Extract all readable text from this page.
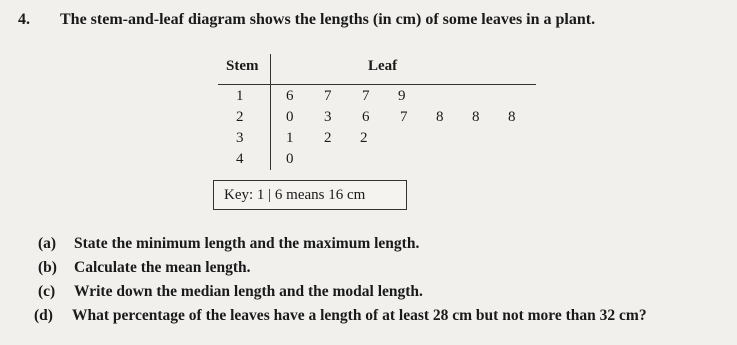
4. The stem-and-leaf diagram shows the lengths (in cm) of some leaves in a plant.
Stem	Leaf
1	6 7 7 9
2	0 3 6 7 8 8 8
3	1 2 2
4	0
Key: 1 | 6 means 16 cm
(a) State the minimum length and the maximum length.
(b) Calculate the mean length.
(c) Write down the median length and the modal length.
(d) What percentage of the leaves have a length of at least 28 cm but not more than 32 cm?
